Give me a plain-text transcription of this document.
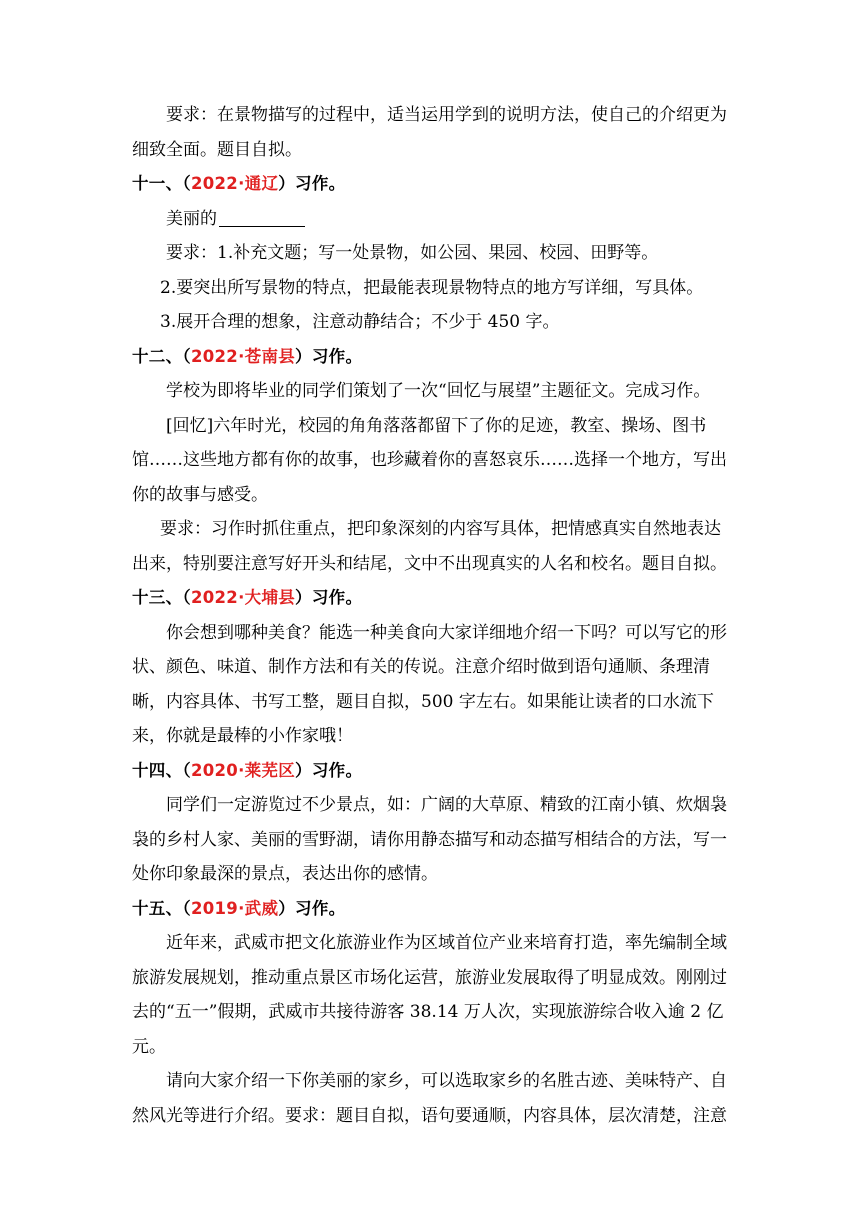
要求：在景物描写的过程中，适当运用学到的说明方法，使自己的介绍更为细致全面。题目自拟。

十一、（2022·通辽）习作。

美丽的

要求：1.补充文题；写一处景物，如公园、果园、校园、田野等。

2.要突出所写景物的特点，把最能表现景物特点的地方写详细，写具体。

3.展开合理的想象，注意动静结合；不少于 450 字。

十二、（2022·苍南县）习作。

学校为即将毕业的同学们策划了一次“回忆与展望”主题征文。完成习作。

[回忆]六年时光，校园的角角落落都留下了你的足迹，教室、操场、图书馆……这些地方都有你的故事，也珍藏着你的喜怒哀乐……选择一个地方，写出你的故事与感受。

要求：习作时抓住重点，把印象深刻的内容写具体，把情感真实自然地表达出来，特别要注意写好开头和结尾，文中不出现真实的人名和校名。题目自拟。

十三、（2022·大埔县）习作。

你会想到哪种美食？能选一种美食向大家详细地介绍一下吗？可以写它的形状、颜色、味道、制作方法和有关的传说。注意介绍时做到语句通顺、条理清晰，内容具体、书写工整，题目自拟，500 字左右。如果能让读者的口水流下来，你就是最棒的小作家哦！

十四、（2020·莱芜区）习作。

同学们一定游览过不少景点，如：广阔的大草原、精致的江南小镇、炊烟袅袅的乡村人家、美丽的雪野湖，请你用静态描写和动态描写相结合的方法，写一处你印象最深的景点，表达出你的感情。

十五、（2019·武威）习作。

近年来，武威市把文化旅游业作为区域首位产业来培育打造，率先编制全域旅游发展规划，推动重点景区市场化运营，旅游业发展取得了明显成效。刚刚过去的“五一”假期，武威市共接待游客 38.14 万人次，实现旅游综合收入逾 2 亿元。

请向大家介绍一下你美丽的家乡，可以选取家乡的名胜古迹、美味特产、自然风光等进行介绍。要求：题目自拟，语句要通顺，内容具体，层次清楚，注意
